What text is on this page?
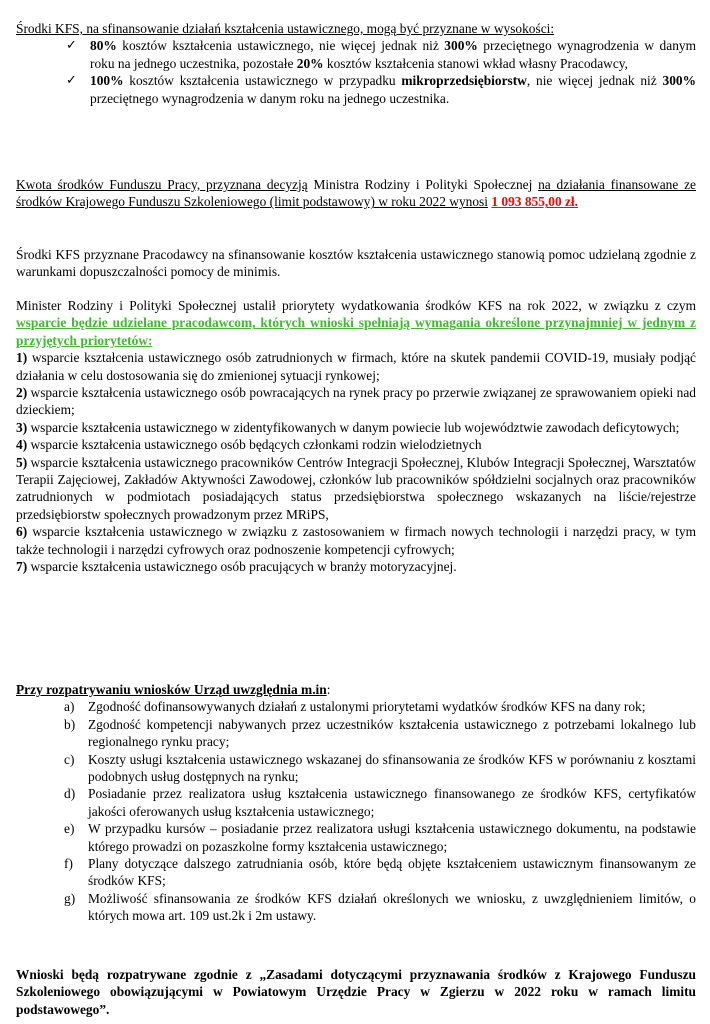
Środki KFS, na sfinansowanie działań kształcenia ustawicznego, mogą być przyznane w wysokości:

✓ 80% kosztów kształcenia ustawicznego, nie więcej jednak niż 300% przeciętnego wynagrodzenia w danym roku na jednego uczestnika, pozostałe 20% kosztów kształcenia stanowi wkład własny Pracodawcy,

✓ 100% kosztów kształcenia ustawicznego w przypadku mikroprzedsiębiorstw, nie więcej jednak niż 300% przeciętnego wynagrodzenia w danym roku na jednego uczestnika.

Kwota środków Funduszu Pracy, przyznana decyzją Ministra Rodziny i Polityki Społecznej na działania finansowane ze środków Krajowego Funduszu Szkoleniowego (limit podstawowy) w roku 2022 wynosi 1 093 855,00 zł.

Środki KFS przyznane Pracodawcy na sfinansowanie kosztów kształcenia ustawicznego stanowią pomoc udzielaną zgodnie z warunkami dopuszczalności pomocy de minimis.

Minister Rodziny i Polityki Społecznej ustalił priorytety wydatkowania środków KFS na rok 2022, w związku z czym wsparcie będzie udzielane pracodawcom, których wnioski spełniają wymagania określone przynajmniej w jednym z przyjętych priorytetów:

1) wsparcie kształcenia ustawicznego osób zatrudnionych w firmach, które na skutek pandemii COVID-19, musiały podjąć działania w celu dostosowania się do zmienionej sytuacji rynkowej;

2) wsparcie kształcenia ustawicznego osób powracających na rynek pracy po przerwie związanej ze sprawowaniem opieki nad dzieckiem;

3) wsparcie kształcenia ustawicznego w zidentyfikowanych w danym powiecie lub województwie zawodach deficytowych;

4) wsparcie kształcenia ustawicznego osób będących członkami rodzin wielodzietnych

5) wsparcie kształcenia ustawicznego pracowników Centrów Integracji Społecznej, Klubów Integracji Społecznej, Warsztatów Terapii Zajęciowej, Zakładów Aktywności Zawodowej, członków lub pracowników spółdzielni socjalnych oraz pracowników zatrudnionych w podmiotach posiadających status przedsiębiorstwa społecznego wskazanych na liście/rejestrze przedsiębiorstw społecznych prowadzonym przez MRiPS,

6) wsparcie kształcenia ustawicznego w związku z zastosowaniem w firmach nowych technologii i narzędzi pracy, w tym także technologii i narzędzi cyfrowych oraz podnoszenie kompetencji cyfrowych;

7) wsparcie kształcenia ustawicznego osób pracujących w branży motoryzacyjnej.

Przy rozpatrywaniu wniosków Urząd uwzględnia m.in:

a) Zgodność dofinansowywanych działań z ustalonymi priorytetami wydatków środków KFS na dany rok;

b) Zgodność kompetencji nabywanych przez uczestników kształcenia ustawicznego z potrzebami lokalnego lub regionalnego rynku pracy;

c) Koszty usługi kształcenia ustawicznego wskazanej do sfinansowania ze środków KFS w porównaniu z kosztami podobnych usług dostępnych na rynku;

d) Posiadanie przez realizatora usług kształcenia ustawicznego finansowanego ze środków KFS, certyfikatów jakości oferowanych usług kształcenia ustawicznego;

e) W przypadku kursów – posiadanie przez realizatora usługi kształcenia ustawicznego dokumentu, na podstawie którego prowadzi on pozaszkolne formy kształcenia ustawicznego;

f) Plany dotyczące dalszego zatrudniania osób, które będą objęte kształceniem ustawicznym finansowanym ze środków KFS;

g) Możliwość sfinansowania ze środków KFS działań określonych we wniosku, z uwzględnieniem limitów, o których mowa art. 109 ust.2k i 2m ustawy.

Wnioski będą rozpatrywane zgodnie z „Zasadami dotyczącymi przyznawania środków z Krajowego Funduszu Szkoleniowego obowiązującymi w Powiatowym Urzędzie Pracy w Zgierzu w 2022 roku w ramach limitu podstawowego”.
